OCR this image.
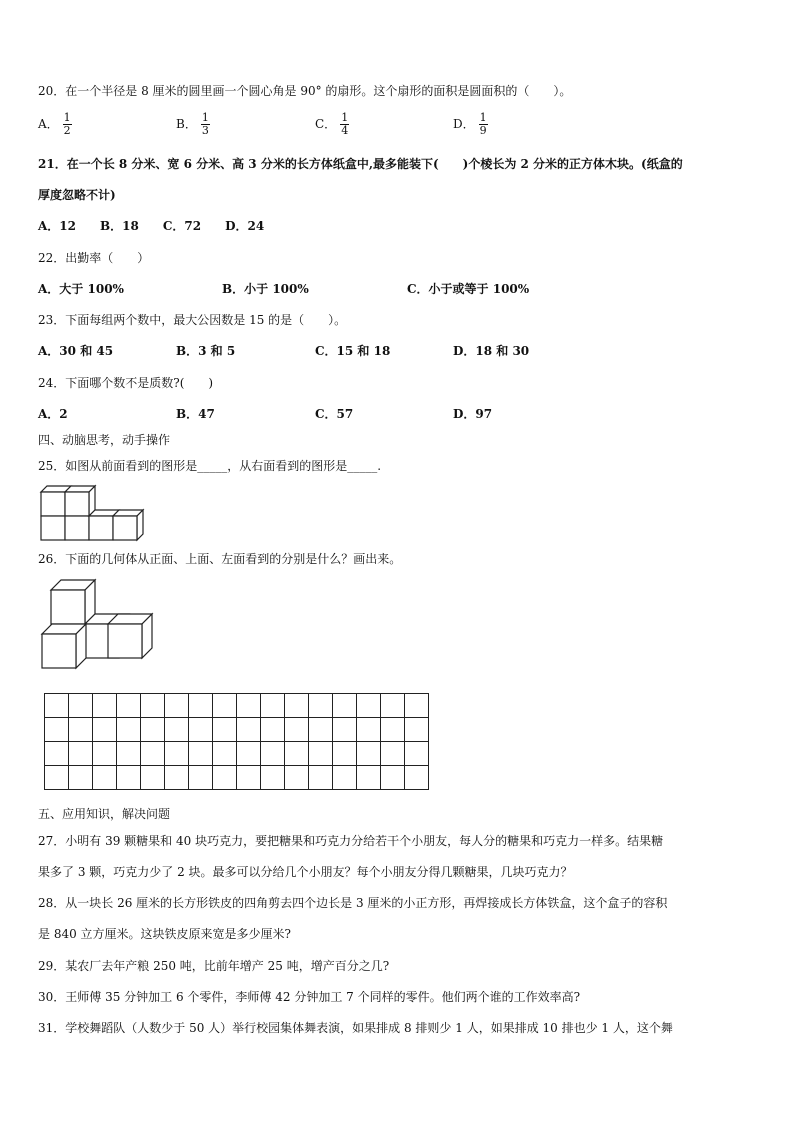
20．在一个半径是 8 厘米的圆里画一个圆心角是 90° 的扇形。这个扇形的面积是圆面积的（　　）。
A． $\frac{1}{2}$	B． $\frac{1}{3}$	C． $\frac{1}{4}$	D． $\frac{1}{9}$
21．在一个长 8 分米、宽 6 分米、高 3 分米的长方体纸盒中,最多能装下(　　)个棱长为 2 分米的正方体木块。(纸盒的
厚度忽略不计)
A．12　　B．18　　C．72　　D．24
22．出勤率（　　）
A．大于 100%	B．小于 100%	C．小于或等于 100%
23．下面每组两个数中，最大公因数是 15 的是（　　）。
A．30 和 45	B．3 和 5	C．15 和 18	D．18 和 30
24．下面哪个数不是质数?(　　)
A．2	B．47	C．57	D．97
四、动脑思考，动手操作
25．如图从前面看到的图形是_____，从右面看到的图形是_____.
26．下面的几何体从正面、上面、左面看到的分别是什么？画出来。
五、应用知识，解决问题
27．小明有 39 颗糖果和 40 块巧克力，要把糖果和巧克力分给若干个小朋友，每人分的糖果和巧克力一样多。结果糖
果多了 3 颗，巧克力少了 2 块。最多可以分给几个小朋友？每个小朋友分得几颗糖果，几块巧克力？
28．从一块长 26 厘米的长方形铁皮的四角剪去四个边长是 3 厘米的小正方形，再焊接成长方体铁盒，这个盒子的容积
是 840 立方厘米。这块铁皮原来宽是多少厘米?
29．某农厂去年产粮 250 吨，比前年增产 25 吨，增产百分之几?
30．王师傅 35 分钟加工 6 个零件，李师傅 42 分钟加工 7 个同样的零件。他们两个谁的工作效率高?
31．学校舞蹈队（人数少于 50 人）举行校园集体舞表演，如果排成 8 排则少 1 人，如果排成 10 排也少 1 人，这个舞
